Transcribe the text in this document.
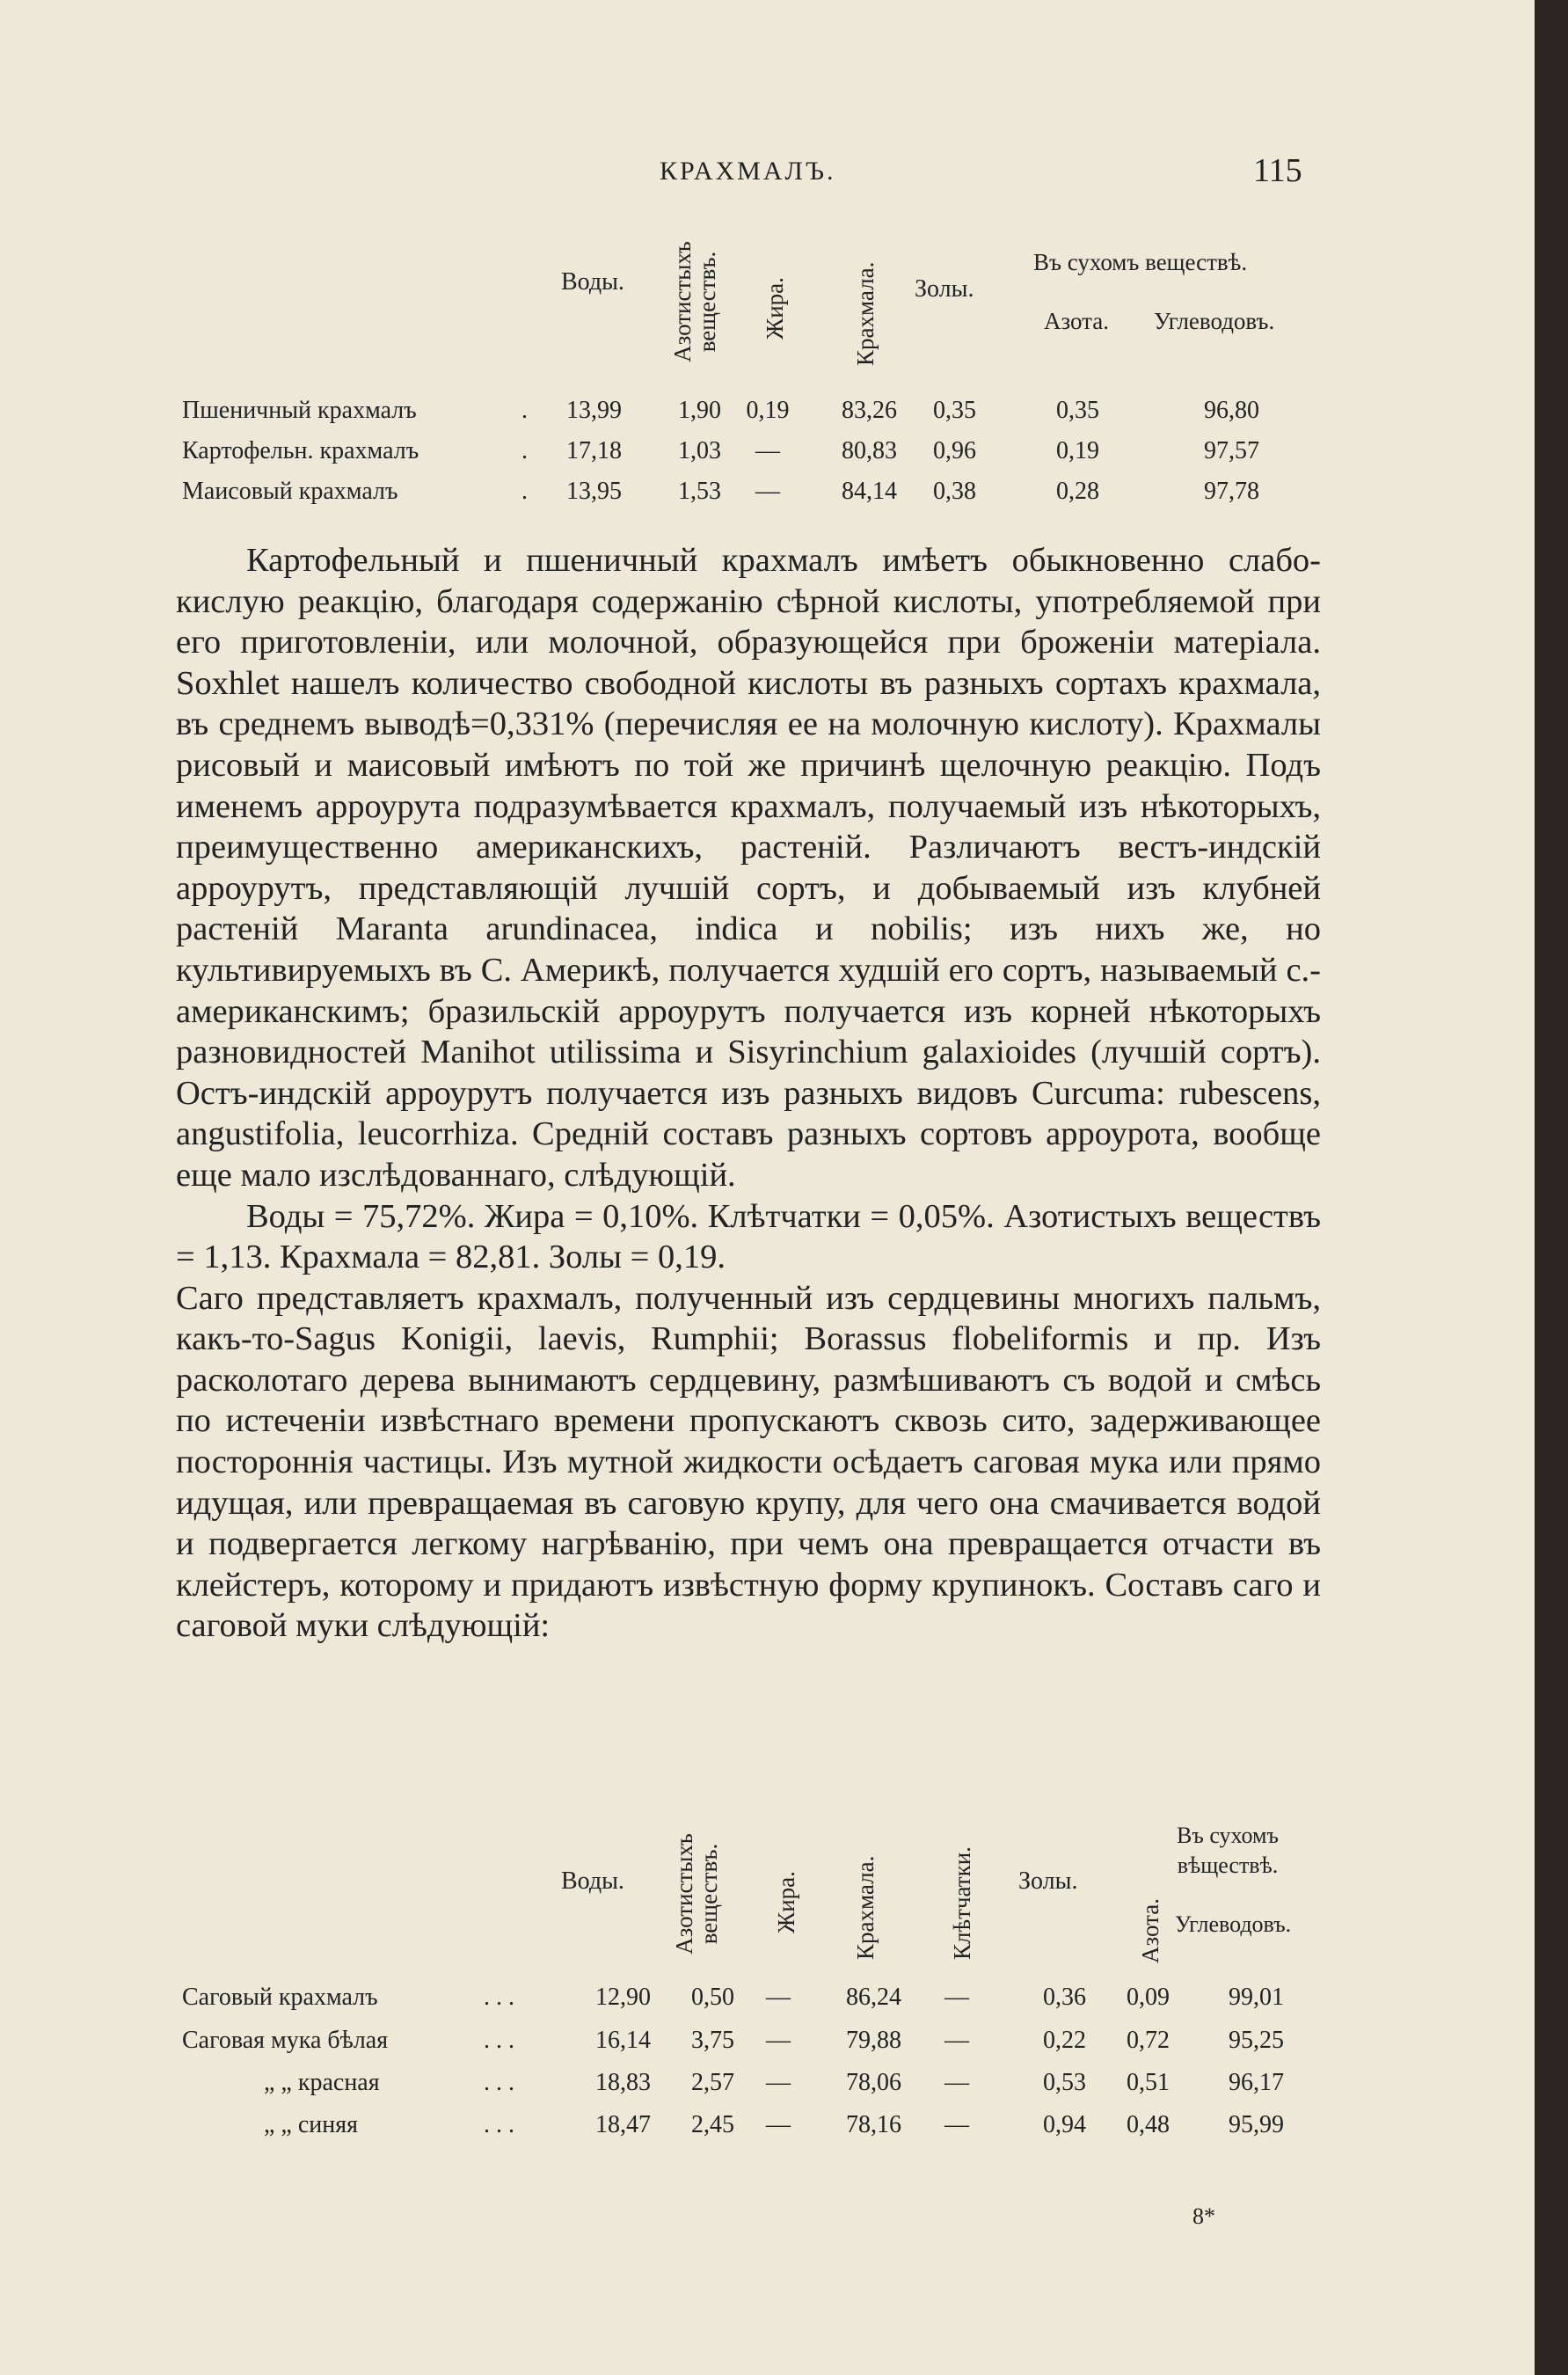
КРАХМАЛЪ.	115
Воды. Азотистыхъ
веществъ. Жира.	Крахмала. Золы.
Въ сухомъ веществѣ.
Азота. Углеводовъ.
Пшеничный крахмалъ	.	13,99	1,90	0,19	83,26	0,35	0,35	96,80
Картофельн. крахмалъ	.	17,18	1,03	—	80,83	0,96	0,19	97,57
Маисовый крахмалъ	.	13,95	1,53	—	84,14	0,38	0,28	97,78

Картофельный и пшеничный крахмалъ имѣетъ обыкновенно слабо-кислую реакцію, благодаря содержанію сѣрной кислоты, употребляемой при его приготовленіи, или молочной, образующейся при броженіи матеріала. Soxhlet нашелъ количество свободной кислоты въ разныхъ сортахъ крахмала, въ среднемъ выводѣ=0,331% (перечисляя ее на молочную кислоту). Крахмалы рисовый и маисовый имѣютъ по той же причинѣ щелочную реакцію. Подъ именемъ арроурута подразумѣвается крахмалъ, получаемый изъ нѣкоторыхъ, преимущественно американскихъ, растеній. Различаютъ вестъ-индскій арроурутъ, представляющій лучшій сортъ, и добываемый изъ клубней растеній Maranta arundinacea, indica и nobilis; изъ нихъ же, но культивируемыхъ въ С. Америкѣ, получается худшій его сортъ, называемый с.-американскимъ; бразильскій арроурутъ получается изъ корней нѣкоторыхъ разновидностей Manihot utilissima и Sisyrinchium galaxioides (лучшій сортъ). Остъ-индскій арроурутъ получается изъ разныхъ видовъ Curcuma: rubescens, angustifolia, leucorrhiza. Средній составъ разныхъ сортовъ арроурота, вообще еще мало изслѣдованнаго, слѣдующій.

Воды = 75,72%. Жира = 0,10%. Клѣтчатки = 0,05%. Азотистыхъ веществъ = 1,13. Крахмала = 82,81. Золы = 0,19.

Саго представляетъ крахмалъ, полученный изъ сердцевины многихъ пальмъ, какъ-то-Sagus Konigii, laevis, Rumphii; Borassus flobeliformis и пр. Изъ расколотаго дерева вынимаютъ сердцевину, размѣшиваютъ съ водой и смѣсь по истеченіи извѣстнаго времени пропускаютъ сквозь сито, задерживающее постороннія частицы. Изъ мутной жидкости осѣдаетъ саговая мука или прямо идущая, или превращаемая въ саговую крупу, для чего она смачивается водой и подвергается легкому нагрѣванію, при чемъ она превращается отчасти въ клейстеръ, которому и придаютъ извѣстную форму крупинокъ. Составъ саго и саговой муки слѣдующій:

Воды. Азотистыхъ
веществъ. Жира. Крахмала.	Клѣтчатки. Золы.
Въ сухомъ
вѣществѣ.
Азота. Углеводовъ.
Саговый крахмалъ	. . .	12,90	0,50	—	86,24	—	0,36	0,09	99,01
Саговая мука бѣлая	. . .	16,14	3,75	—	79,88	—	0,22	0,72	95,25
„ „ красная	. . .	18,83	2,57	—	78,06	—	0,53	0,51	96,17
„ „ синяя	. . .	18,47	2,45	—	78,16	—	0,94	0,48	95,99
8*
